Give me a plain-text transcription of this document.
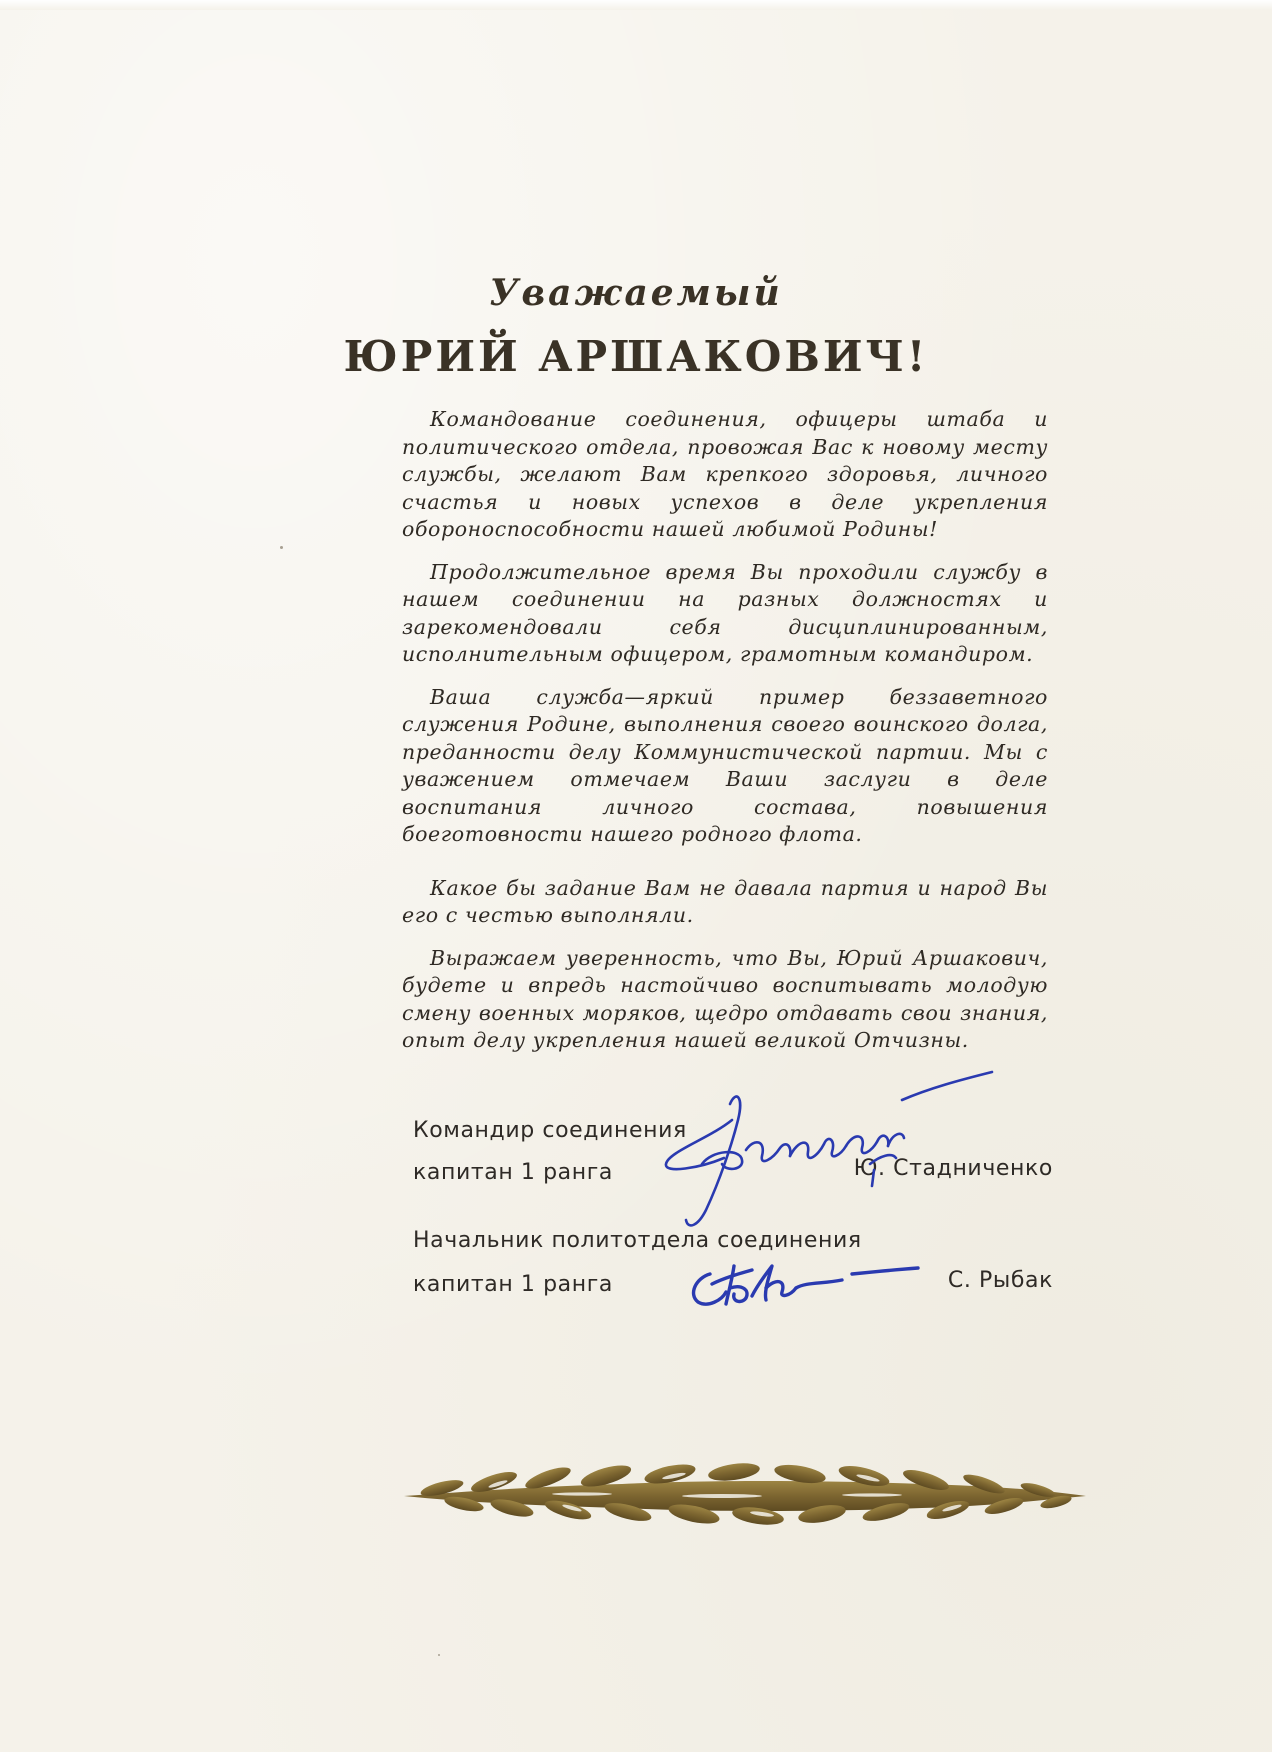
Уважаемый
ЮРИЙ АРШАКОВИЧ!

Командование соединения, офицеры штаба и политического отдела, провожая Вас к новому месту службы, желают Вам крепкого здоровья, личного счастья и новых успехов в деле укрепления обороноспособности нашей любимой Родины!

Продолжительное время Вы проходили службу в нашем соединении на разных должностях и зарекомендовали себя дисциплинированным, исполнительным офицером, грамотным командиром.

Ваша служба—яркий пример беззаветного служения Родине, выполнения своего воинского долга, преданности делу Коммунистической партии. Мы с уважением отмечаем Ваши заслуги в деле воспитания личного состава, повышения боеготовности нашего родного флота.

Какое бы задание Вам не давала партия и народ Вы его с честью выполняли.

Выражаем уверенность, что Вы, Юрий Аршакович, будете и впредь настойчиво воспитывать молодую смену военных моряков, щедро отдавать свои знания, опыт делу укрепления нашей великой Отчизны.

Командир соединения
капитан 1 ранга	Ю. Стадниченко
Начальник политотдела соединения
капитан 1 ранга	С. Рыбак
